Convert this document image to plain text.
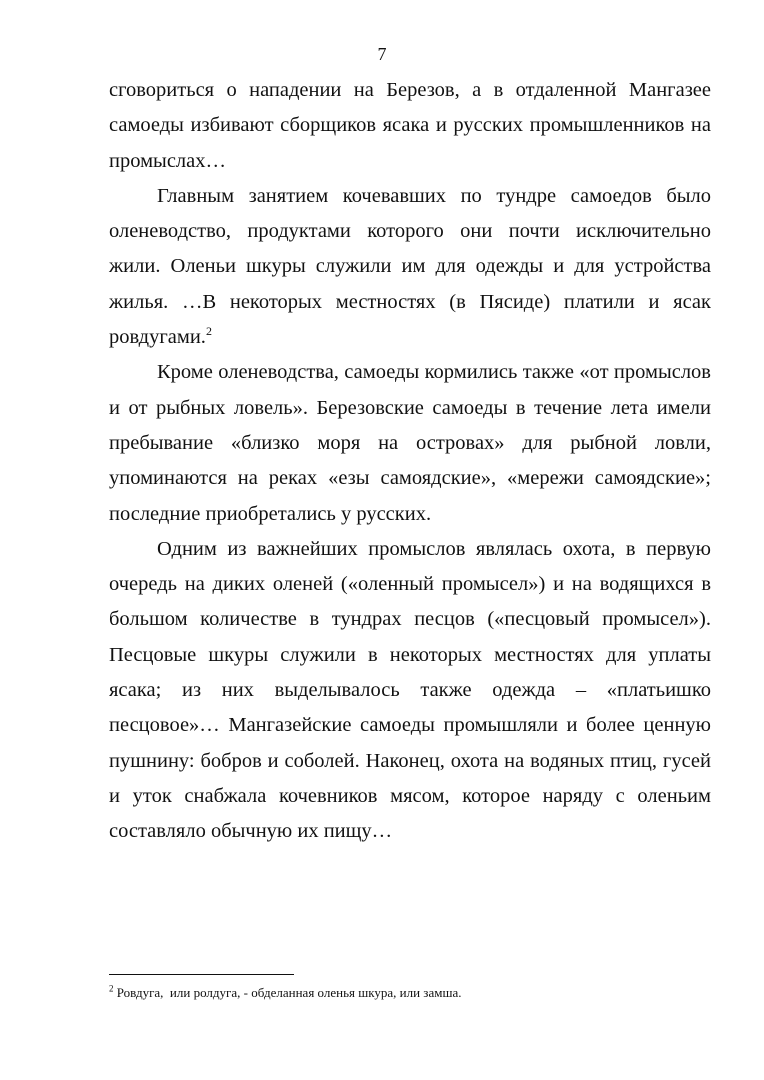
7

сговориться о нападении на Березов, а в отдаленной Мангазее самоеды избивают сборщиков ясака и русских промышленников на промыслах…

Главным занятием кочевавших по тундре самоедов было оленеводство, продуктами которого они почти исключительно жили. Оленьи шкуры служили им для одежды и для устройства жилья. …В некоторых местностях (в Пясиде) платили и ясак ровдугами.$^2$

Кроме оленеводства, самоеды кормились также «от промыслов и от рыбных ловель». Березовские самоеды в течение лета имели пребывание «близко моря на островах» для рыбной ловли, упоминаются на реках «езы самоядские», «мережи самоядские»; последние приобретались у русских.

Одним из важнейших промыслов являлась охота, в первую очередь на диких оленей («оленный промысел») и на водящихся в большом количестве в тундрах песцов («песцовый промысел»). Песцовые шкуры служили в некоторых местностях для уплаты ясака; из них выделывалось также одежда – «платьишко песцовое»… Мангазейские самоеды промышляли и более ценную пушнину: бобров и соболей. Наконец, охота на водяных птиц, гусей и уток снабжала кочевников мясом, которое наряду с оленьим составляло обычную их пищу…

$^2$ Ровдуга,  или ролдуга, - обделанная оленья шкура, или замша.
